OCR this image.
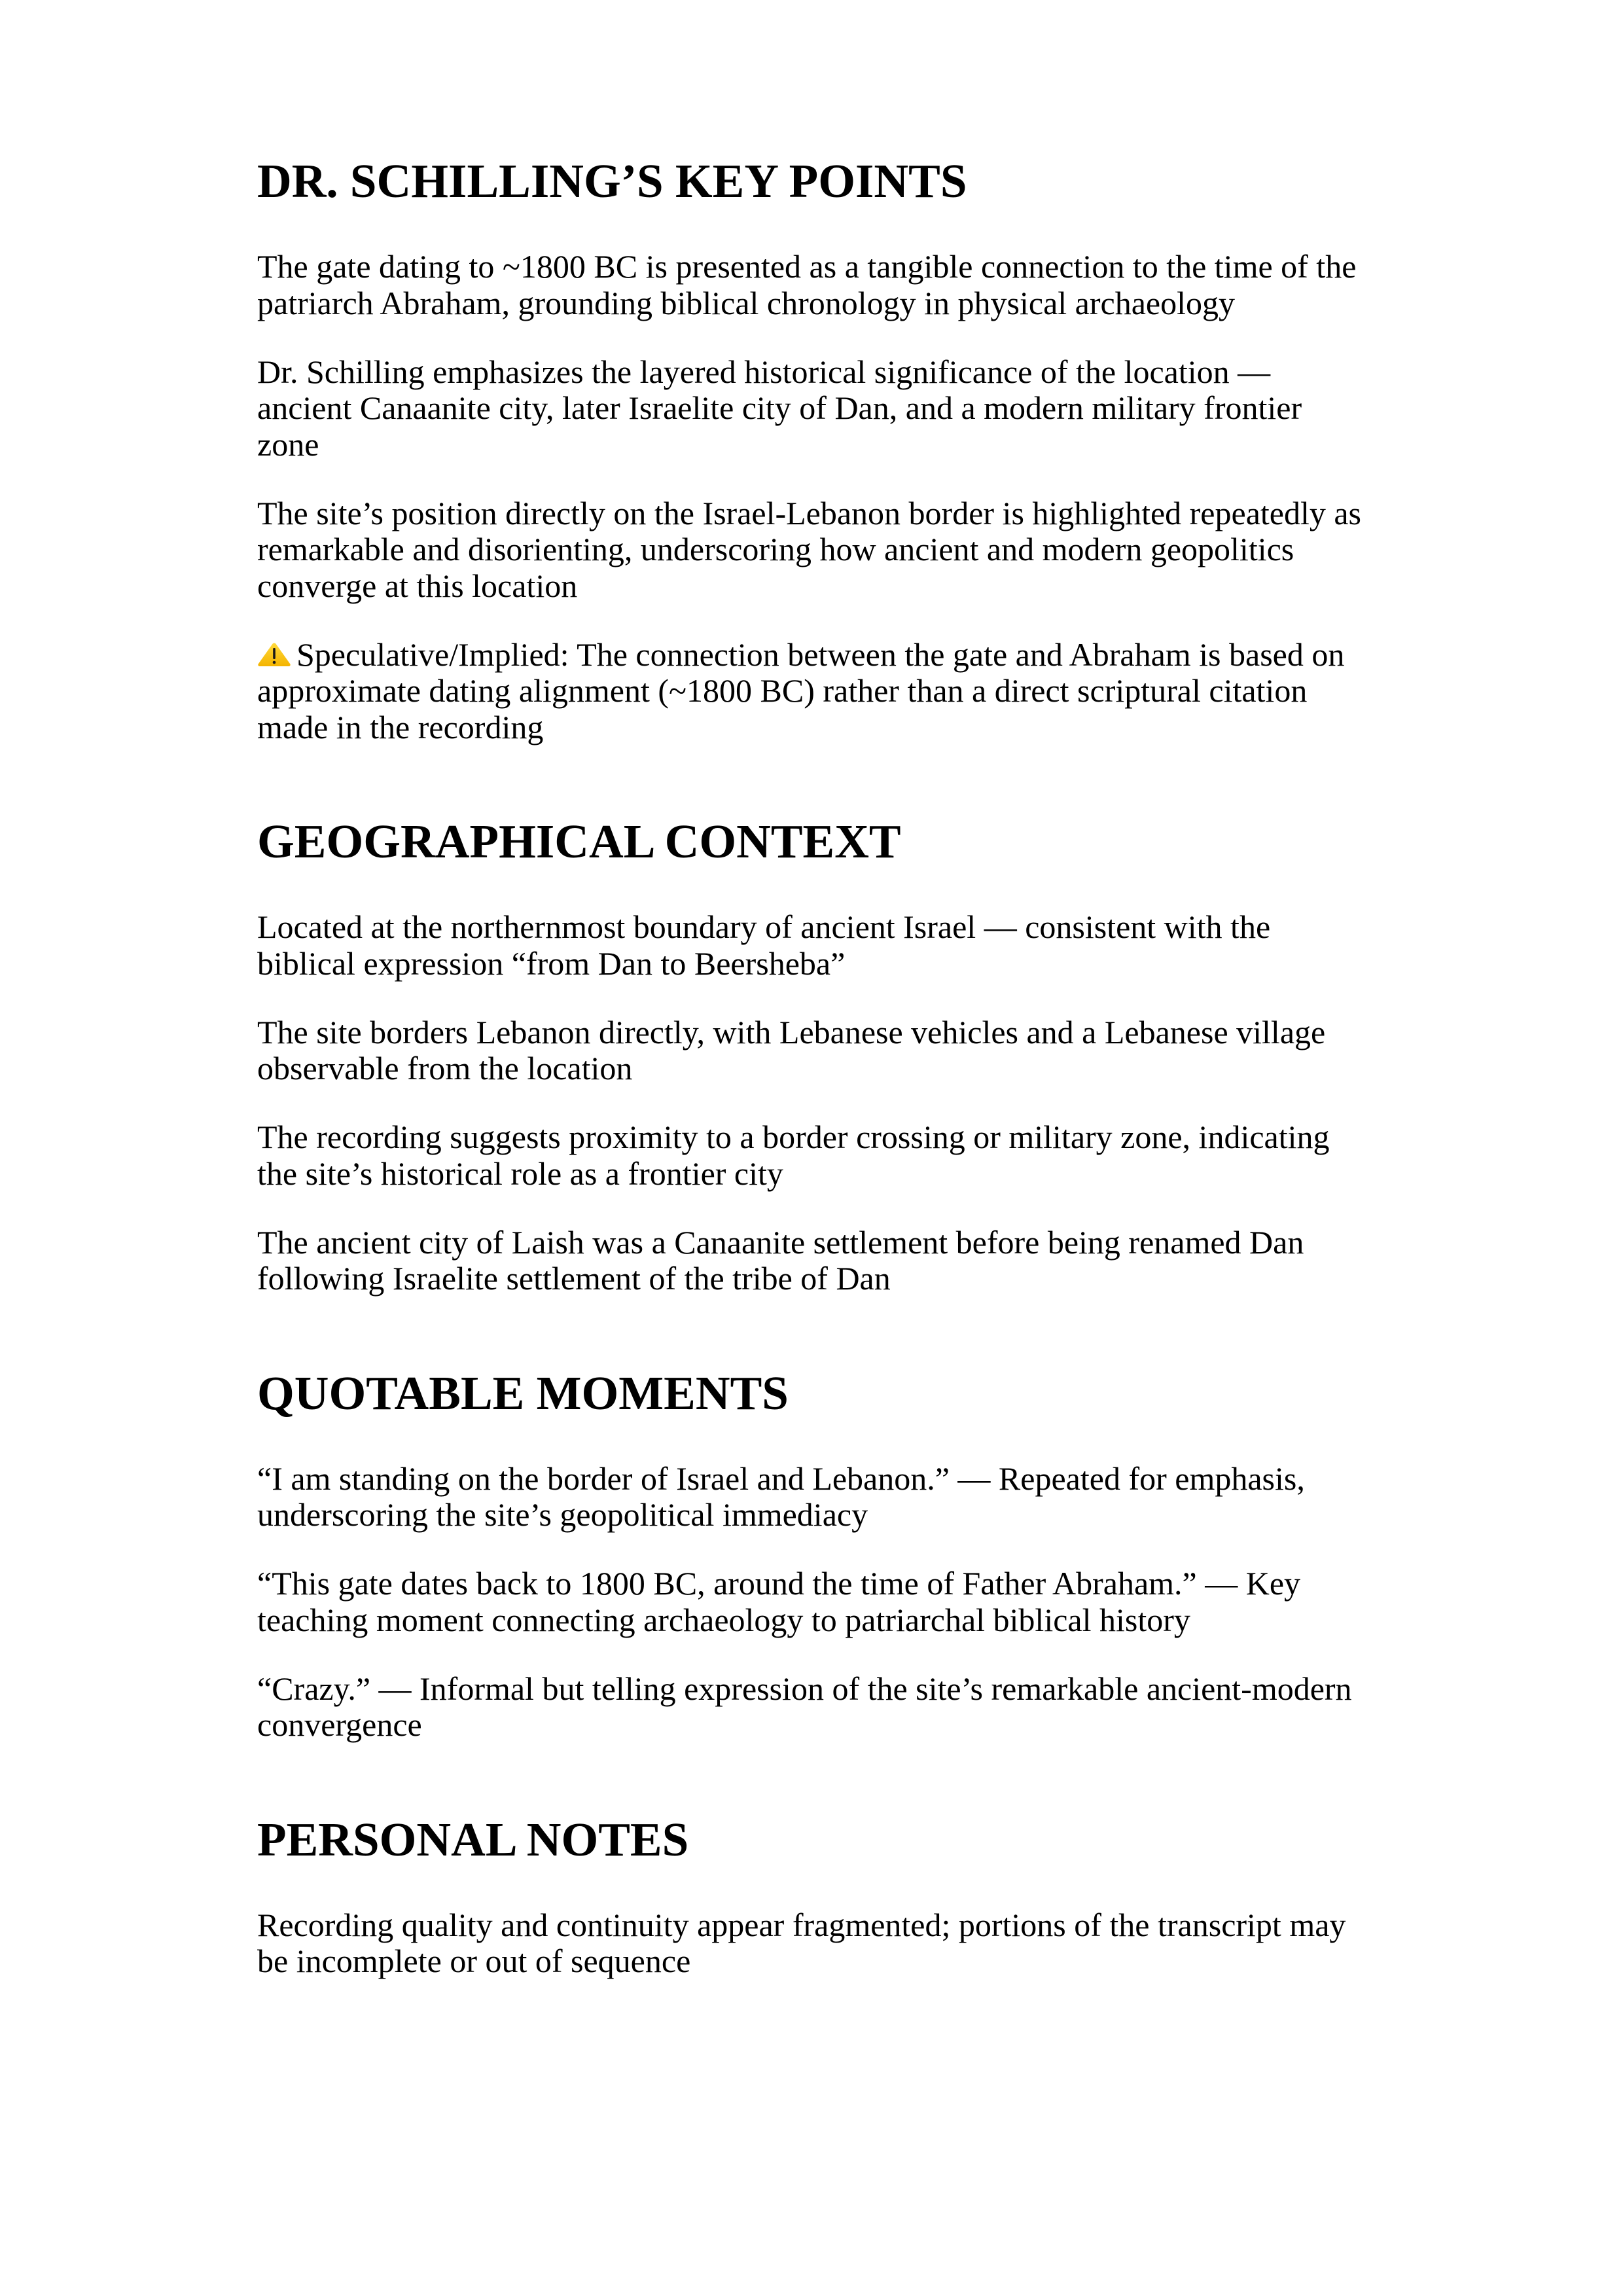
DR. SCHILLING’S KEY POINTS

The gate dating to ~1800 BC is presented as a tangible connection to the time of the patriarch Abraham, grounding biblical chronology in physical archaeology

Dr. Schilling emphasizes the layered historical significance of the location — ancient Canaanite city, later Israelite city of Dan, and a modern military frontier zone

The site’s position directly on the Israel-Lebanon border is highlighted repeatedly as remarkable and disorienting, underscoring how ancient and modern geopolitics converge at this location

Speculative/Implied: The connection between the gate and Abraham is based on approximate dating alignment (~1800 BC) rather than a direct scriptural citation made in the recording

GEOGRAPHICAL CONTEXT

Located at the northernmost boundary of ancient Israel — consistent with the biblical expression “from Dan to Beersheba”

The site borders Lebanon directly, with Lebanese vehicles and a Lebanese village observable from the location

The recording suggests proximity to a border crossing or military zone, indicating the site’s historical role as a frontier city

The ancient city of Laish was a Canaanite settlement before being renamed Dan following Israelite settlement of the tribe of Dan

QUOTABLE MOMENTS

“I am standing on the border of Israel and Lebanon.” — Repeated for emphasis, underscoring the site’s geopolitical immediacy

“This gate dates back to 1800 BC, around the time of Father Abraham.” — Key teaching moment connecting archaeology to patriarchal biblical history

“Crazy.” — Informal but telling expression of the site’s remarkable ancient-modern convergence

PERSONAL NOTES

Recording quality and continuity appear fragmented; portions of the transcript may be incomplete or out of sequence
